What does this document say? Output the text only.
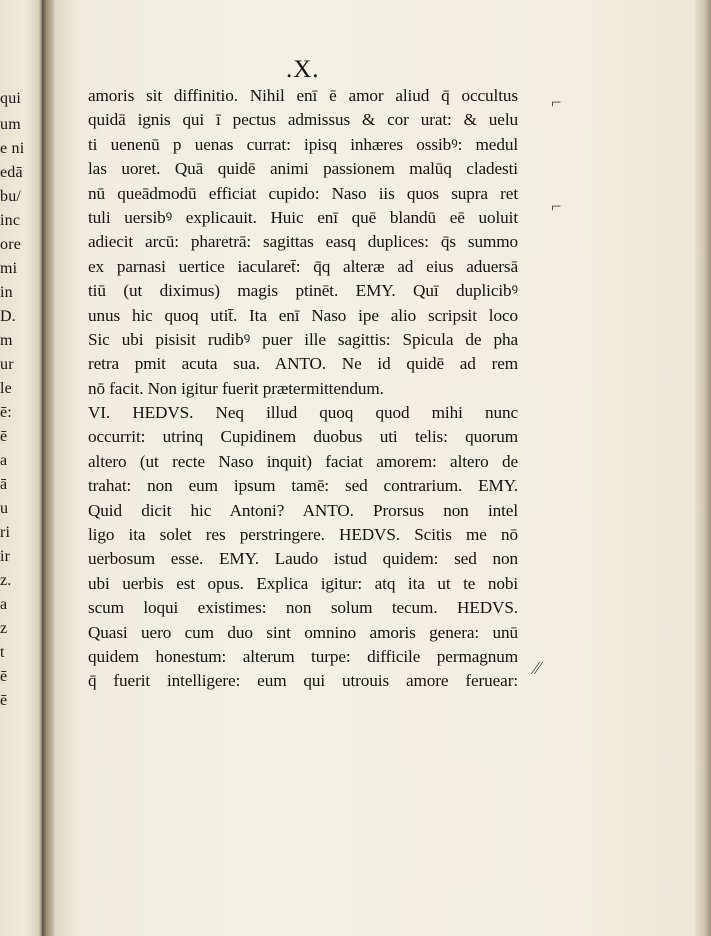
qui
um
e ni
edā
bu/
inc
ore
mi
in
D.
m
ur
le
ē:
ē
a
ā
u
ri
ir
z.
a
z
t
ē
ē
.X.
amoris sit diffinitio. Nihil enī ē amor aliud q̄ occultus
quidā ignis qui ī pectus admissus & cor urat: & uelu
ti uenenū p uenas currat: ipisq inhæres ossibꝰ: medul
las uoret. Quā quidē animi passionem malūq cladesti
nū queādmodū efficiat cupido: Naso iis quos supra ret
tuli uersibꝰ explicauit. Huic enī quē blandū eē uoluit
adiecit arcū: pharetrā: sagittas easq duplices: q̄s summo
ex parnasi uertice iacularet̄: q̄q alteræ ad eius aduersā
tiū (ut diximus) magis ptinēt. EMY. Quī duplicibꝰ
unus hic quoq utit̄. Ita enī Naso ipe alio scripsit loco
Sic ubi pisisit rudibꝰ puer ille sagittis: Spicula de pha
retra pmit acuta sua. ANTO. Ne id quidē ad rem
nō facit. Non igitur fuerit prætermittendum.
VI. HEDVS. Neq illud quoq quod mihi nunc
occurrit: utrinq Cupidinem duobus uti telis: quorum
altero (ut recte Naso inquit) faciat amorem: altero de
trahat: non eum ipsum tamē: sed contrarium. EMY.
Quid dicit hic Antoni? ANTO. Prorsus non intel
ligo ita solet res perstringere. HEDVS. Scitis me nō
uerbosum esse. EMY. Laudo istud quidem: sed non
ubi uerbis est opus. Explica igitur: atq ita ut te nobi
scum loqui existimes: non solum tecum. HEDVS.
Quasi uero cum duo sint omnino amoris genera: unū
quidem honestum: alterum turpe: difficile permagnum
q̄ fuerit intelligere: eum qui utrouis amore feruear:
⌐
⌐
⁄⁄
